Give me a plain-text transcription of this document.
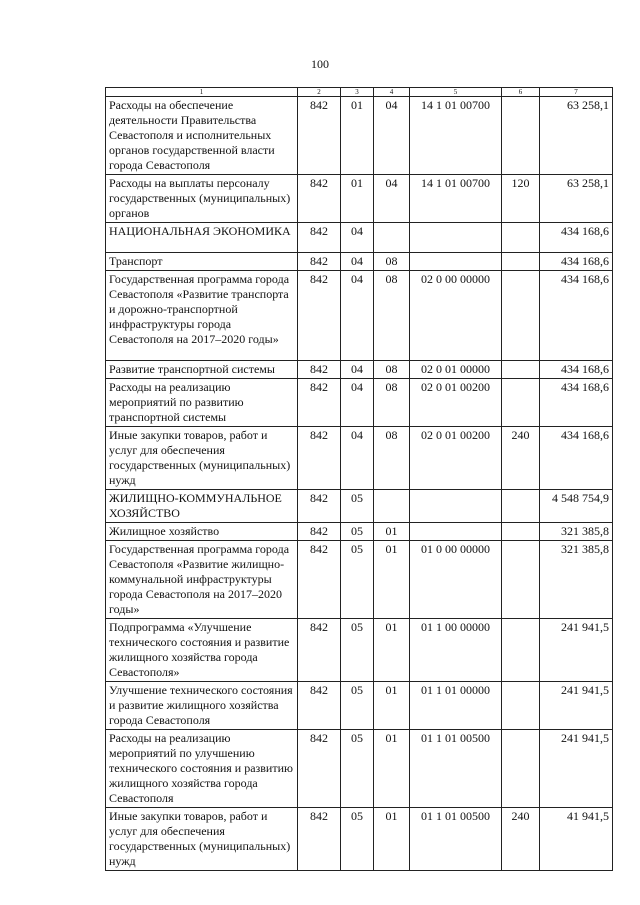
100
1	2	3	4	5	6	7
Расходы на обеспечение деятельности Правительства Севастополя и исполнительных органов государственной власти города Севастополя	842	01	04	14 1 01 00700		63 258,1
Расходы на выплаты персоналу государственных (муниципальных) органов	842	01	04	14 1 01 00700	120	63 258,1
НАЦИОНАЛЬНАЯ ЭКОНОМИКА	842	04				434 168,6
Транспорт	842	04	08			434 168,6
Государственная программа города Севастополя «Развитие транспорта и дорожно-транспортной инфраструктуры города Севастополя на 2017–2020 годы»	842	04	08	02 0 00 00000		434 168,6
Развитие транспортной системы	842	04	08	02 0 01 00000		434 168,6
Расходы на реализацию мероприятий по развитию транспортной системы	842	04	08	02 0 01 00200		434 168,6
Иные закупки товаров, работ и услуг для обеспечения государственных (муниципальных) нужд	842	04	08	02 0 01 00200	240	434 168,6
ЖИЛИЩНО-КОММУНАЛЬНОЕ ХОЗЯЙСТВО	842	05				4 548 754,9
Жилищное хозяйство	842	05	01			321 385,8
Государственная программа города Севастополя «Развитие жилищно-коммунальной инфраструктуры города Севастополя на 2017–2020 годы»	842	05	01	01 0 00 00000		321 385,8
Подпрограмма «Улучшение технического состояния и развитие жилищного хозяйства города Севастополя»	842	05	01	01 1 00 00000		241 941,5
Улучшение технического состояния и развитие жилищного хозяйства города Севастополя	842	05	01	01 1 01 00000		241 941,5
Расходы на реализацию мероприятий по улучшению технического состояния и развитию жилищного хозяйства города Севастополя	842	05	01	01 1 01 00500		241 941,5
Иные закупки товаров, работ и услуг для обеспечения государственных (муниципальных) нужд	842	05	01	01 1 01 00500	240	41 941,5
